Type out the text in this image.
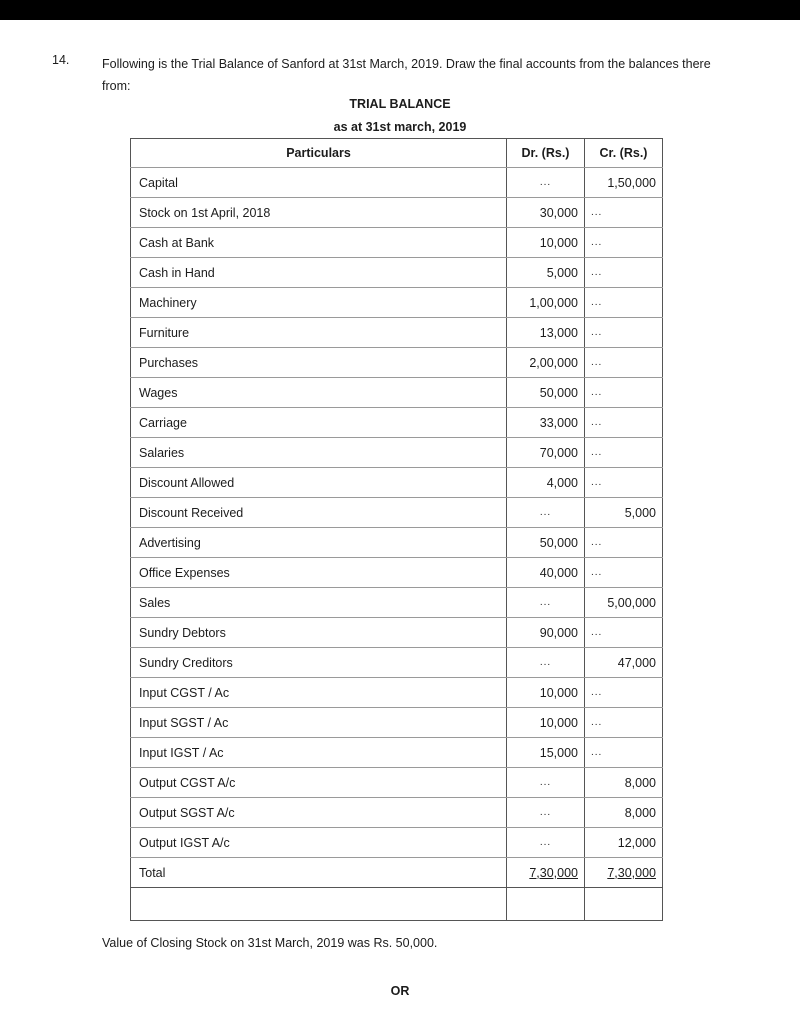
14.	Following is the Trial Balance of Sanford at 31st March, 2019. Draw the final accounts from the balances there from:
TRIAL BALANCE
as at 31st march, 2019
Particulars	Dr. (Rs.)	Cr. (Rs.)
Capital	...	1,50,000
Stock on 1st April, 2018	30,000	...
Cash at Bank	10,000	...
Cash in Hand	5,000	...
Machinery	1,00,000	...
Furniture	13,000	...
Purchases	2,00,000	...
Wages	50,000	...
Carriage	33,000	...
Salaries	70,000	...
Discount Allowed	4,000	...
Discount Received	...	5,000
Advertising	50,000	...
Office Expenses	40,000	...
Sales	...	5,00,000
Sundry Debtors	90,000	...
Sundry Creditors	...	47,000
Input CGST / Ac	10,000	...
Input SGST / Ac	10,000	...
Input IGST / Ac	15,000	...
Output CGST A/c	...	8,000
Output SGST A/c	...	8,000
Output IGST A/c	...	12,000
Total	7,30,000	7,30,000

Value of Closing Stock on 31st March, 2019 was Rs. 50,000.
OR
